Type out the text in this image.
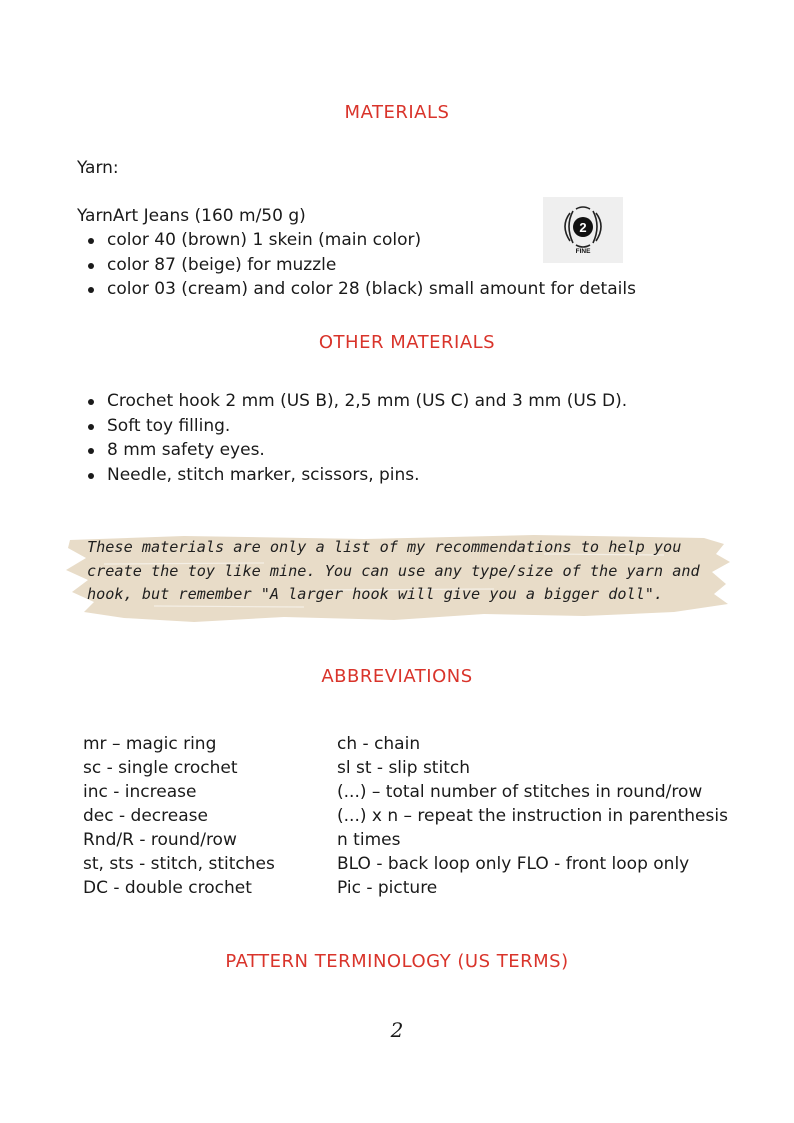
MATERIALS

Yarn:

YarnArt Jeans (160 m/50 g)

2
FINE
color 40 (brown) 1 skein (main color)
color 87 (beige) for muzzle
color 03 (cream) and color 28 (black) small amount for details
OTHER MATERIALS
Crochet hook 2 mm (US B), 2,5 mm (US C) and 3 mm (US D).
Soft toy filling.
8 mm safety eyes.
Needle, stitch marker, scissors, pins.

These materials are only a list of my recommendations to help you create the toy like mine. You can use any type/size of the yarn and hook, but remember "A larger hook will give you a bigger doll".

ABBREVIATIONS
mr – magic ring
sc - single crochet
inc - increase
dec - decrease
Rnd/R - round/row
st, sts - stitch, stitches
DC - double crochet
ch - chain
sl st - slip stitch
(...) – total number of stitches in round/row
(...) x n – repeat the instruction in parenthesis
n times
BLO - back loop only FLO - front loop only
Pic - picture
PATTERN TERMINOLOGY (US TERMS)
2
